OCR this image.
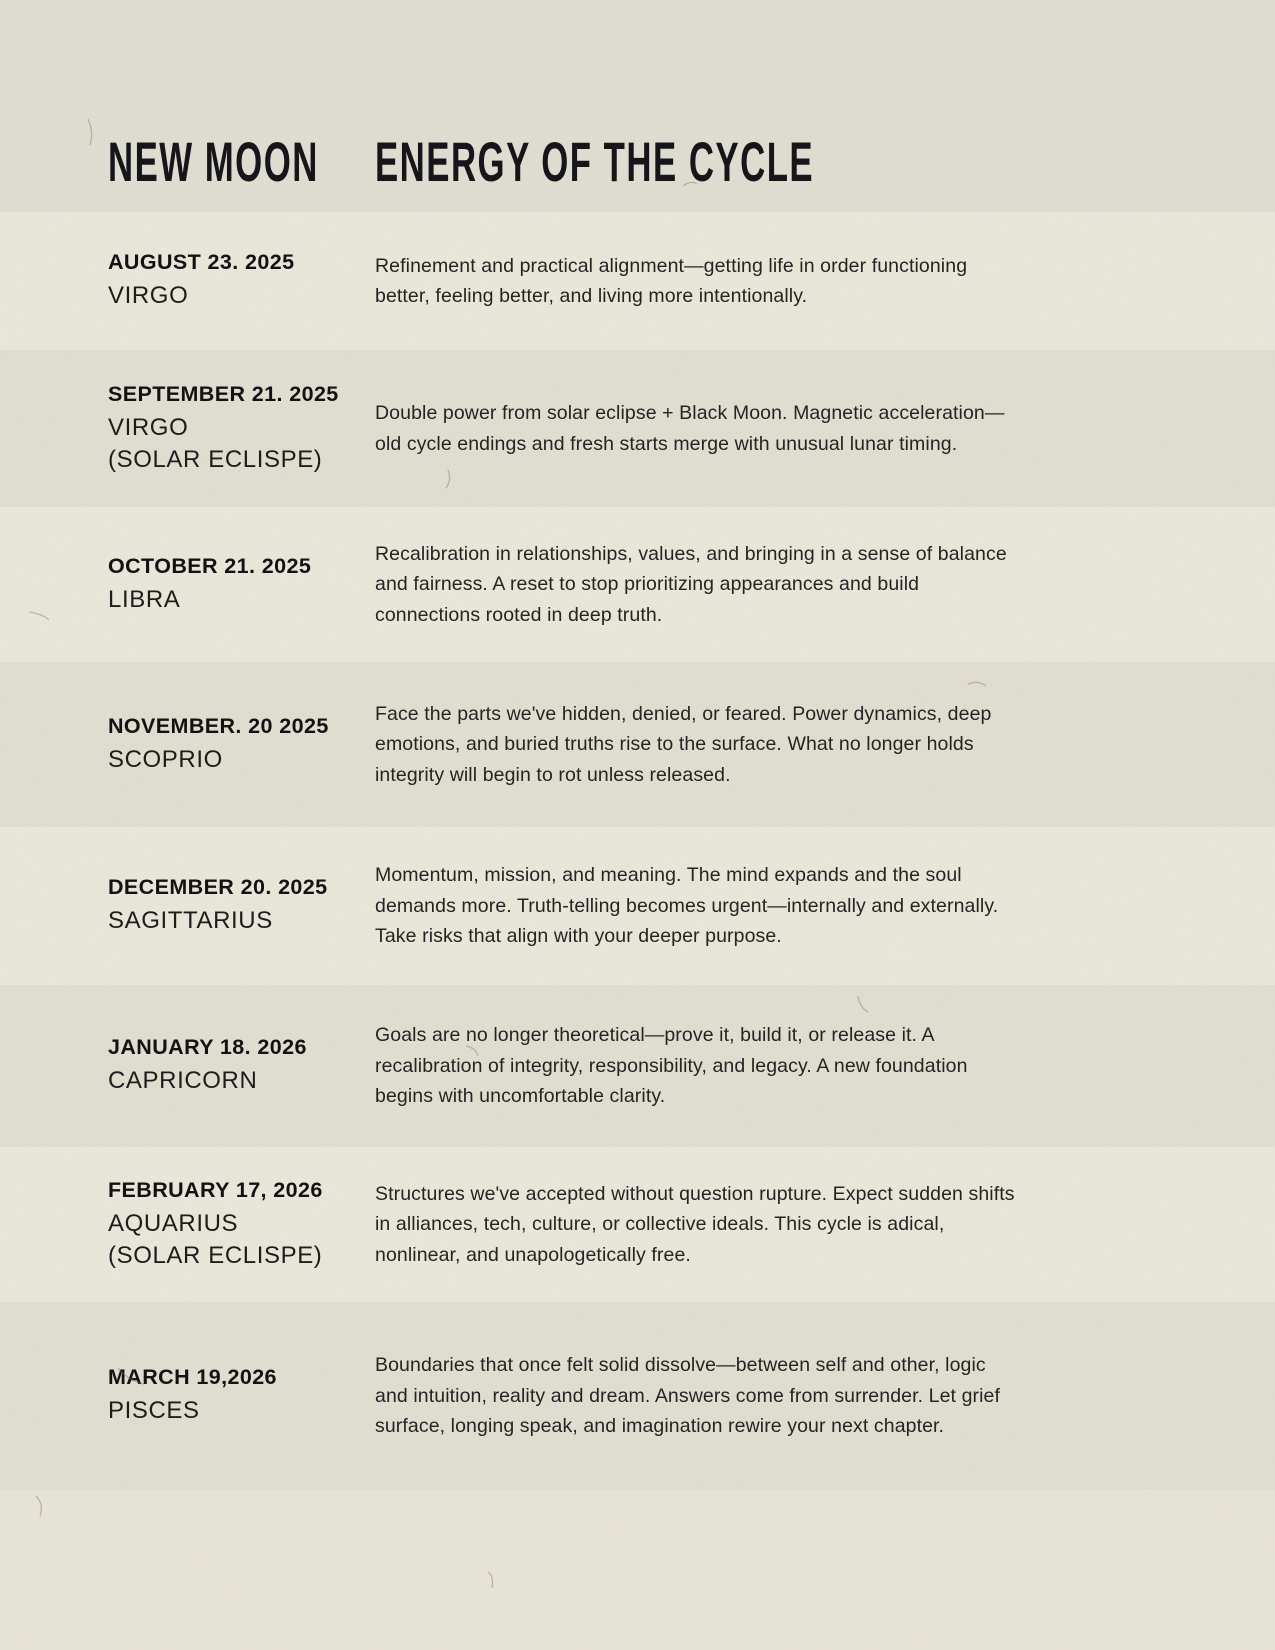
NEW MOON	ENERGY OF THE CYCLE
AUGUST 23. 2025
VIRGO
Refinement and practical alignment—getting life in order functioning better, feeling better, and living more intentionally.
SEPTEMBER 21. 2025
VIRGO
(SOLAR ECLISPE)
Double power from solar eclipse + Black Moon. Magnetic acceleration—old cycle endings and fresh starts merge with unusual lunar timing.
OCTOBER 21. 2025
LIBRA
Recalibration in relationships, values, and bringing in a sense of balance and fairness. A reset to stop prioritizing appearances and build connections rooted in deep truth.
NOVEMBER. 20 2025
SCOPRIO
Face the parts we've hidden, denied, or feared. Power dynamics, deep emotions, and buried truths rise to the surface. What no longer holds integrity will begin to rot unless released.
DECEMBER 20. 2025
SAGITTARIUS
Momentum, mission, and meaning. The mind expands and the soul demands more. Truth-telling becomes urgent—internally and externally. Take risks that align with your deeper purpose.
JANUARY 18. 2026
CAPRICORN
Goals are no longer theoretical—prove it, build it, or release it. A recalibration of integrity, responsibility, and legacy. A new foundation begins with uncomfortable clarity.
FEBRUARY 17, 2026
AQUARIUS
(SOLAR ECLISPE)
Structures we've accepted without question rupture. Expect sudden shifts in alliances, tech, culture, or collective ideals. This cycle is adical, nonlinear, and unapologetically free.
MARCH 19,2026
PISCES
Boundaries that once felt solid dissolve—between self and other, logic and intuition, reality and dream. Answers come from surrender. Let grief surface, longing speak, and imagination rewire your next chapter.
